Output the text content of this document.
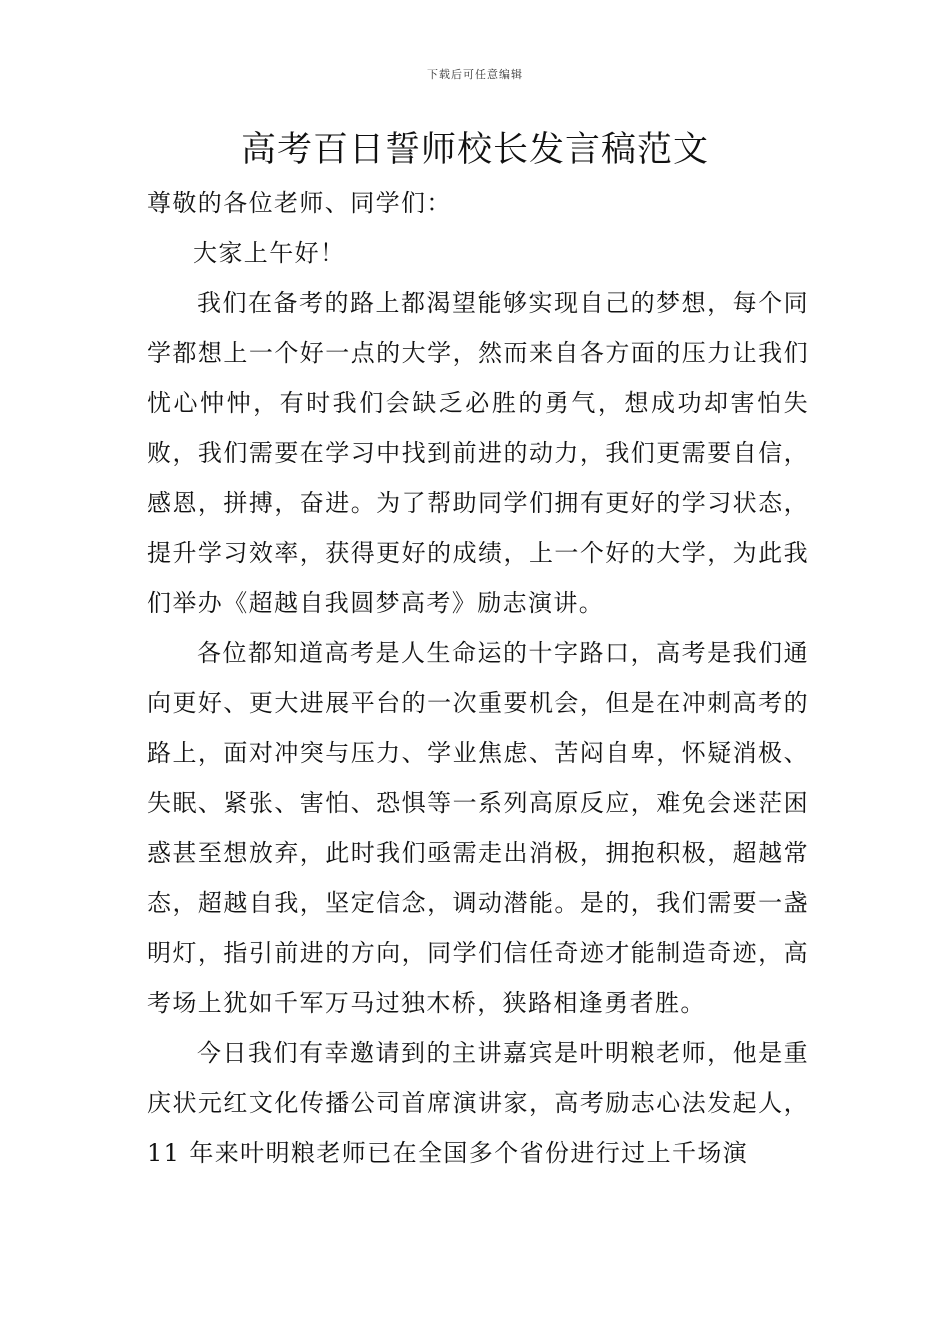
下载后可任意编辑
高考百日誓师校长发言稿范文

尊敬的各位老师、同学们：

大家上午好！

我们在备考的路上都渴望能够实现自己的梦想，每个同学都想上一个好一点的大学，然而来自各方面的压力让我们忧心忡忡，有时我们会缺乏必胜的勇气，想成功却害怕失败，我们需要在学习中找到前进的动力，我们更需要自信，感恩，拼搏，奋进。为了帮助同学们拥有更好的学习状态，提升学习效率，获得更好的成绩，上一个好的大学，为此我们举办《超越自我圆梦高考》励志演讲。

各位都知道高考是人生命运的十字路口，高考是我们通向更好、更大进展平台的一次重要机会，但是在冲刺高考的路上，面对冲突与压力、学业焦虑、苦闷自卑，怀疑消极、失眠、紧张、害怕、恐惧等一系列高原反应，难免会迷茫困惑甚至想放弃，此时我们亟需走出消极，拥抱积极，超越常态，超越自我，坚定信念，调动潜能。是的，我们需要一盏明灯，指引前进的方向，同学们信任奇迹才能制造奇迹，高考场上犹如千军万马过独木桥，狭路相逢勇者胜。

今日我们有幸邀请到的主讲嘉宾是叶明粮老师，他是重庆状元红文化传播公司首席演讲家，高考励志心法发起人，11 年来叶明粮老师已在全国多个省份进行过上千场演
